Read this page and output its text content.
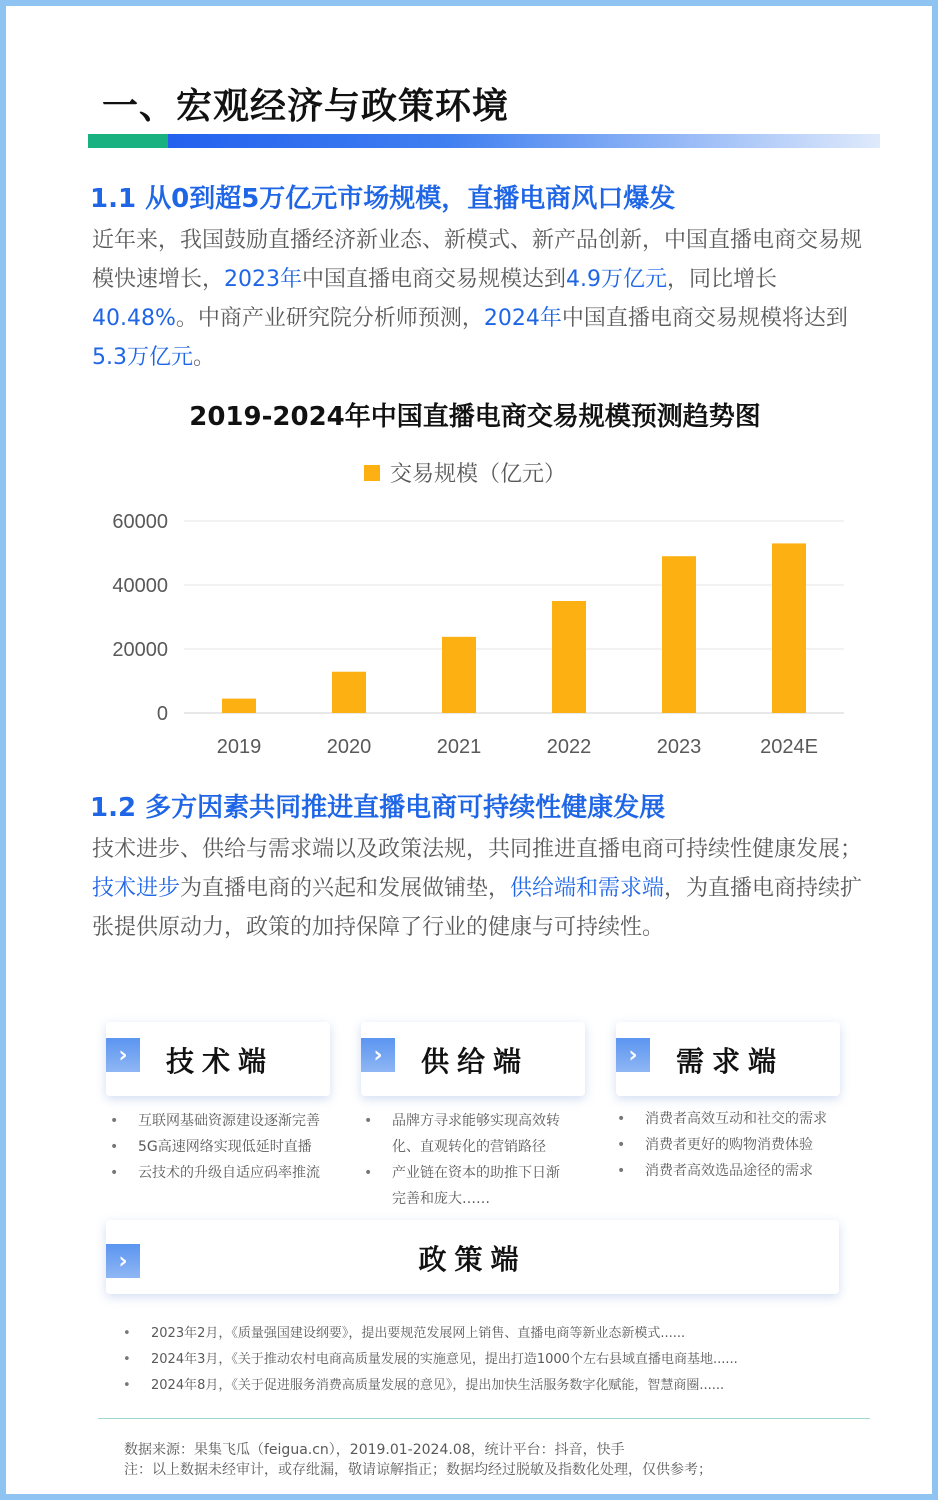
一、宏观经济与政策环境
1.1 从0到超5万亿元市场规模，直播电商风口爆发
近年来，我国鼓励直播经济新业态、新模式、新产品创新，中国直播电商交易规模快速增长，2023年中国直播电商交易规模达到4.9万亿元，同比增长40.48%。中商产业研究院分析师预测，2024年中国直播电商交易规模将达到5.3万亿元。
2019-2024年中国直播电商交易规模预测趋势图
交易规模（亿元）
0
20000
40000
60000
2019	2020	2021	2022	2023	2024E
1.2 多方因素共同推进直播电商可持续性健康发展
技术进步、供给与需求端以及政策法规，共同推进直播电商可持续性健康发展；技术进步为直播电商的兴起和发展做铺垫，供给端和需求端，为直播电商持续扩张提供原动力，政策的加持保障了行业的健康与可持续性。
›	技术端
• 互联网基础资源建设逐渐完善
• 5G高速网络实现低延时直播
• 云技术的升级自适应码率推流
›	供给端
• 品牌方寻求能够实现高效转化、直观转化的营销路径
• 产业链在资本的助推下日渐完善和庞大……
›	需求端
• 消费者高效互动和社交的需求
• 消费者更好的购物消费体验
• 消费者高效选品途径的需求
›	政策端
• 2023年2月，《质量强国建设纲要》，提出要规范发展网上销售、直播电商等新业态新模式......
• 2024年3月，《关于推动农村电商高质量发展的实施意见，提出打造1000个左右县域直播电商基地......
• 2024年8月，《关于促进服务消费高质量发展的意见》，提出加快生活服务数字化赋能，智慧商圈......
数据来源：果集飞瓜（feigua.cn），2019.01-2024.08，统计平台：抖音，快手
注：以上数据未经审计，或存纰漏，敬请谅解指正；数据均经过脱敏及指数化处理，仅供参考；
